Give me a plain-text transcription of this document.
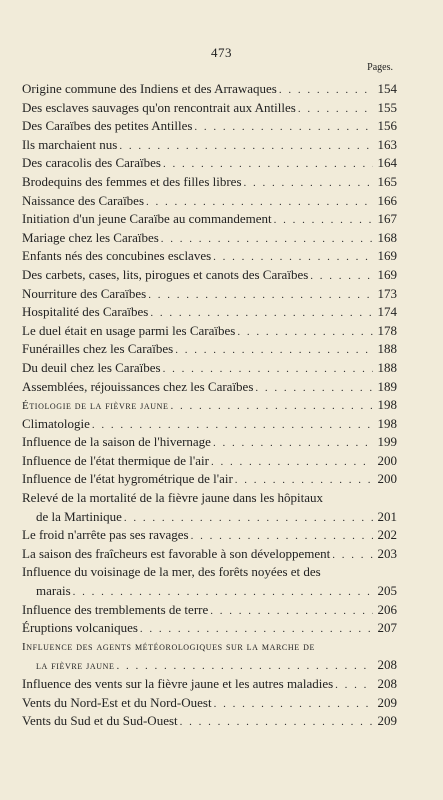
473
Pages.
Origine commune des Indiens et des Arrawaques . . .	154
Des esclaves sauvages qu'on rencontrait aux Antilles . . .	155
Des Caraïbes des petites Antilles . . .	156
Ils marchaient nus . . .	163
Des caracolis des Caraïbes . . .	164
Brodequins des femmes et des filles libres . . .	165
Naissance des Caraïbes . . .	166
Initiation d'un jeune Caraïbe au commandement . . .	167
Mariage chez les Caraïbes . . .	168
Enfants nés des concubines esclaves . . .	169
Des carbets, cases, lits, pirogues et canots des Caraïbes . . .	169
Nourriture des Caraïbes . . .	173
Hospitalité des Caraïbes . . .	174
Le duel était en usage parmi les Caraïbes . . .	178
Funérailles chez les Caraïbes . . .	188
Du deuil chez les Caraïbes . . .	188
Assemblées, réjouissances chez les Caraïbes . . .	189
Étiologie de la fièvre jaune . . .	198
Climatologie . . .	198
Influence de la saison de l'hivernage . . .	199
Influence de l'état thermique de l'air . . .	200
Influence de l'état hygrométrique de l'air . . .	200
Relevé de la mortalité de la fièvre jaune dans les hôpitaux
de la Martinique . . .	201
Le froid n'arrête pas ses ravages . . .	202
La saison des fraîcheurs est favorable à son développement . . .	203
Influence du voisinage de la mer, des forêts noyées et des
marais . . .	205
Influence des tremblements de terre . . .	206
Éruptions volcaniques . . .	207
Influence des agents météorologiques sur la marche de
la fièvre jaune . . .	208
Influence des vents sur la fièvre jaune et les autres maladies . . .	208
Vents du Nord-Est et du Nord-Ouest . . .	209
Vents du Sud et du Sud-Ouest . . .	209
